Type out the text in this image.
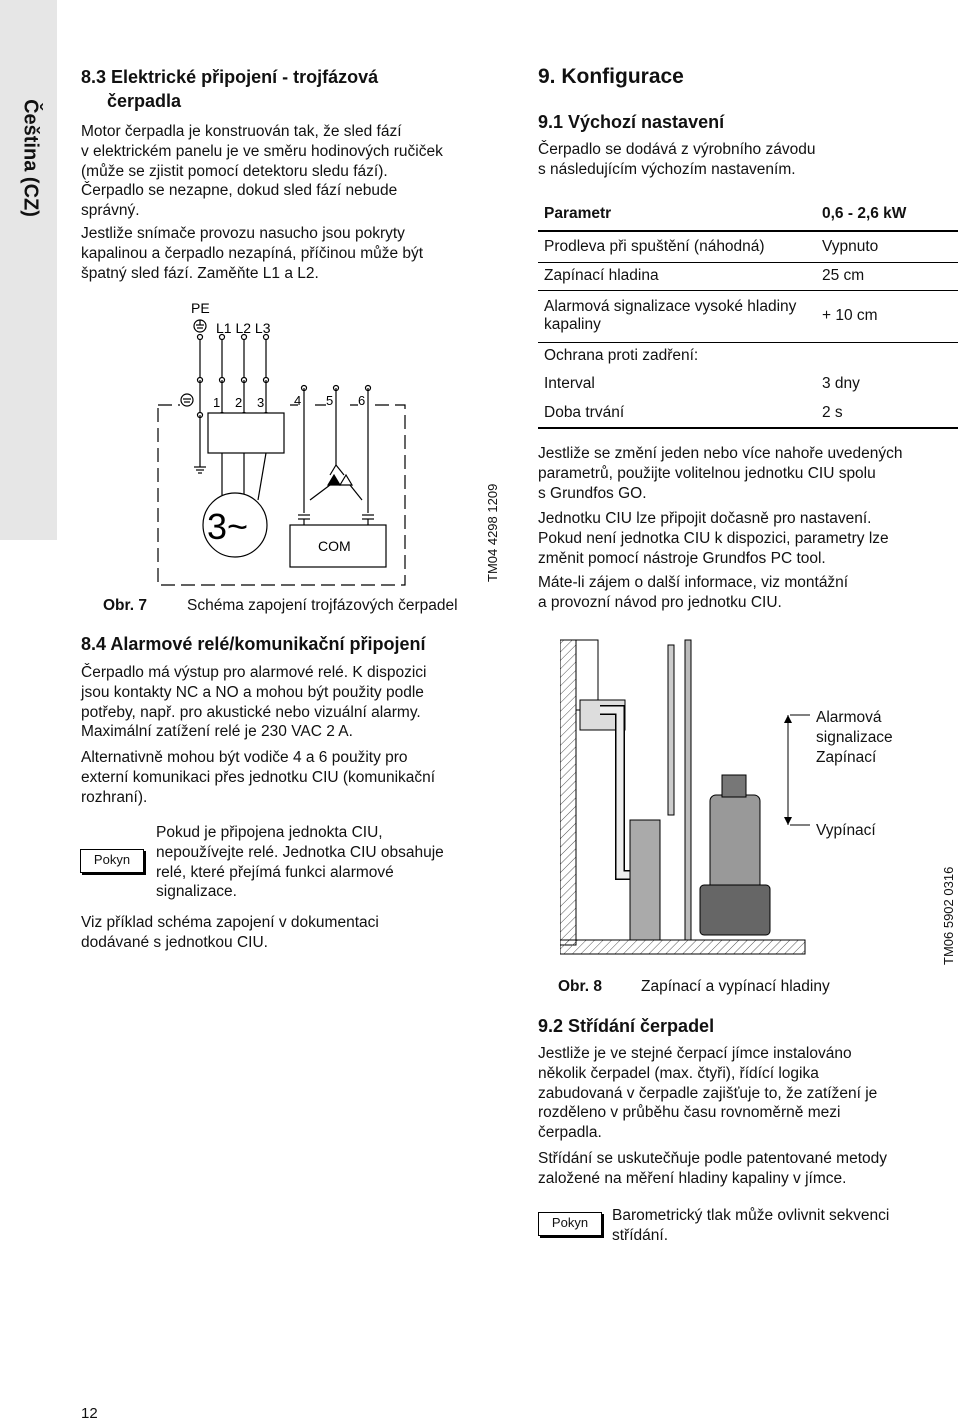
Čeština (CZ)
8.3 Elektrické připojení - trojfázová
čerpadla

Motor čerpadla je konstruován tak, že sled fází

v elektrickém panelu je ve směru hodinových ručiček

(může se zjistit pomocí detektoru sledu fází).

Čerpadlo se nezapne, dokud sled fází nebude

správný.

Jestliže snímače provozu nasucho jsou pokryty

kapalinou a čerpadlo nezapíná, příčinou může být

špatný sled fází. Zaměňte L1 a L2.

PE
L1 L2 L3
1 2 3 4 5 6
3~	COM	TM04 4298 1209
Obr. 7	Schéma zapojení trojfázových čerpadel
8.4 Alarmové relé/komunikační připojení

Čerpadlo má výstup pro alarmové relé. K dispozici

jsou kontakty NC a NO a mohou být použity podle

potřeby, např. pro akustické nebo vizuální alarmy.

Maximální zatížení relé je 230 VAC 2 A.

Alternativně mohou být vodiče 4 a 6 použity pro

externí komunikaci přes jednotku CIU (komunikační

rozhraní).

Pokyn

Pokud je připojena jednokta CIU,

nepoužívejte relé. Jednotka CIU obsahuje

relé, které přejímá funkci alarmové

signalizace.

Viz příklad schéma zapojení v dokumentaci

dodávané s jednotkou CIU.

12
9. Konfigurace
9.1 Výchozí nastavení

Čerpadlo se dodává z výrobního závodu

s následujícím výchozím nastavením.

Parametr	0,6 - 2,6 kW
Prodleva při spuštění (náhodná)	Vypnuto
Zapínací hladina	25 cm
Alarmová signalizace vysoké hladiny kapaliny	+ 10 cm
Ochrana proti zadření:	
Interval	3 dny
Doba trvání	2 s

Jestliže se změní jeden nebo více nahoře uvedených

parametrů, použijte volitelnou jednotku CIU spolu

s Grundfos GO.

Jednotku CIU lze připojit dočasně pro nastavení.

Pokud není jednotka CIU k dispozici, parametry lze

změnit pomocí nástroje Grundfos PC tool.

Máte-li zájem o další informace, viz montážní

a provozní návod pro jednotku CIU.

Alarmová
signalizace
Zapínací
Vypínací
TM06 5902 0316
Obr. 8	Zapínací a vypínací hladiny
9.2 Střídání čerpadel

Jestliže je ve stejné čerpací jímce instalováno

několik čerpadel (max. čtyři), řídící logika

zabudovaná v čerpadle zajišťuje to, že zatížení je

rozděleno v průběhu času rovnoměrně mezi

čerpadla.

Střídání se uskutečňuje podle patentované metody

založené na měření hladiny kapaliny v jímce.

Pokyn	Barometrický tlak může ovlivnit sekvenci

střídání.
